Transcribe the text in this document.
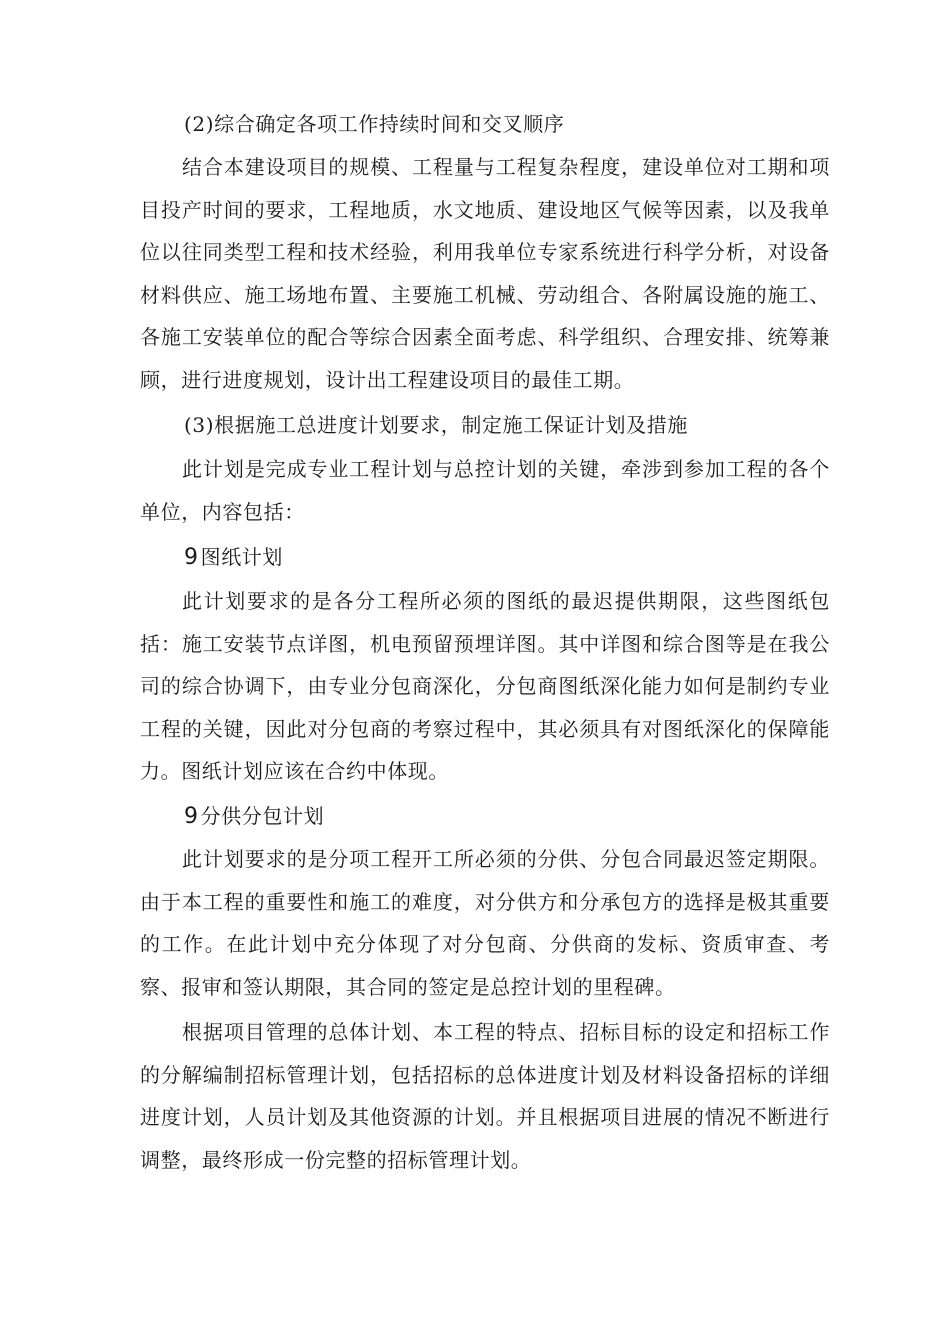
(2)综合确定各项工作持续时间和交叉顺序

结合本建设项目的规模、工程量与工程复杂程度，建设单位对工期和项目投产时间的要求，工程地质，水文地质、建设地区气候等因素，以及我单位以往同类型工程和技术经验，利用我单位专家系统进行科学分析，对设备材料供应、施工场地布置、主要施工机械、劳动组合、各附属设施的施工、各施工安装单位的配合等综合因素全面考虑、科学组织、合理安排、统筹兼顾，进行进度规划，设计出工程建设项目的最佳工期。

(3)根据施工总进度计划要求，制定施工保证计划及措施

此计划是完成专业工程计划与总控计划的关键，牵涉到参加工程的各个单位，内容包括：

9 图纸计划

此计划要求的是各分工程所必须的图纸的最迟提供期限，这些图纸包括：施工安装节点详图，机电预留预埋详图。其中详图和综合图等是在我公司的综合协调下，由专业分包商深化，分包商图纸深化能力如何是制约专业工程的关键，因此对分包商的考察过程中，其必须具有对图纸深化的保障能力。图纸计划应该在合约中体现。

9 分供分包计划

此计划要求的是分项工程开工所必须的分供、分包合同最迟签定期限。由于本工程的重要性和施工的难度，对分供方和分承包方的选择是极其重要的工作。在此计划中充分体现了对分包商、分供商的发标、资质审查、考察、报审和签认期限，其合同的签定是总控计划的里程碑。

根据项目管理的总体计划、本工程的特点、招标目标的设定和招标工作的分解编制招标管理计划，包括招标的总体进度计划及材料设备招标的详细进度计划，人员计划及其他资源的计划。并且根据项目进展的情况不断进行调整，最终形成一份完整的招标管理计划。
